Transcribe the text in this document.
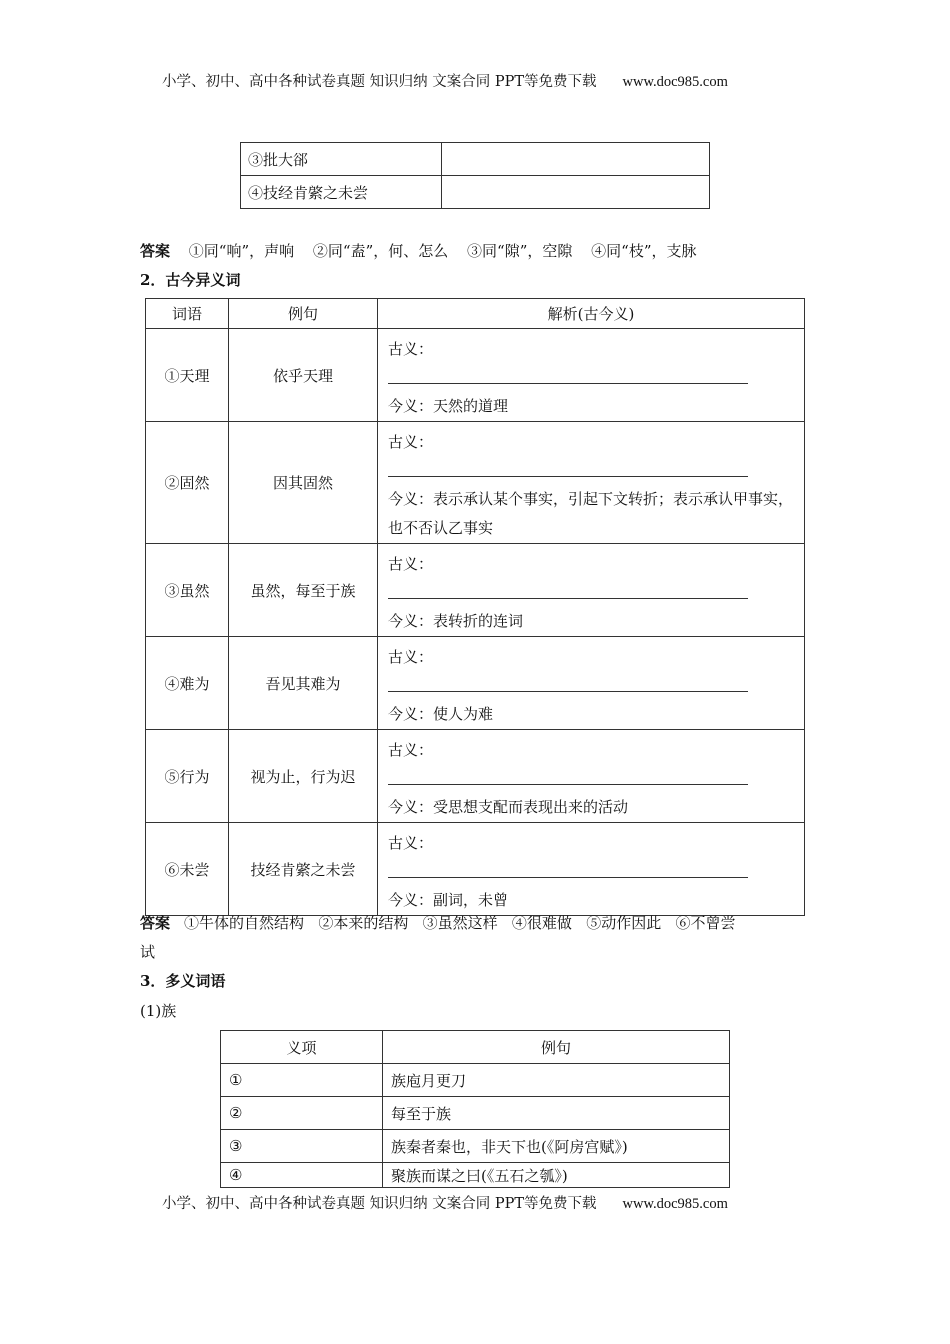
小学、初中、高中各种试卷真题 知识归纳 文案合同 PPT等免费下载 www.doc985.com
③批大郤	
④技经肯綮之未尝	
答案 ①同“响”，声响 ②同“盍”，何、怎么 ③同“隙”，空隙 ④同“枝”，支脉
2．古今异义词
词语	例句	解析(古今义)
①天理	依乎天理	古义：
今义：天然的道理

②固然	因其固然	古义：
今义：表示承认某个事实，引起下文转折；表示承认甲事实，也不否认乙事实

③虽然	虽然，每至于族	古义：
今义：表转折的连词

④难为	吾见其难为	古义：
今义：使人为难

⑤行为	视为止，行为迟	古义：
今义：受思想支配而表现出来的活动

⑥未尝	技经肯綮之未尝	古义：
今义：副词，未曾
答案 ①牛体的自然结构   ②本来的结构   ③虽然这样   ④很难做   ⑤动作因此   ⑥不曾尝
试
3．多义词语
(1)族
义项	例句
①	族庖月更刀
②	每至于族
③	族秦者秦也，非天下也(《阿房宫赋》)
④	聚族而谋之曰(《五石之瓠》)
小学、初中、高中各种试卷真题 知识归纳 文案合同 PPT等免费下载 www.doc985.com
